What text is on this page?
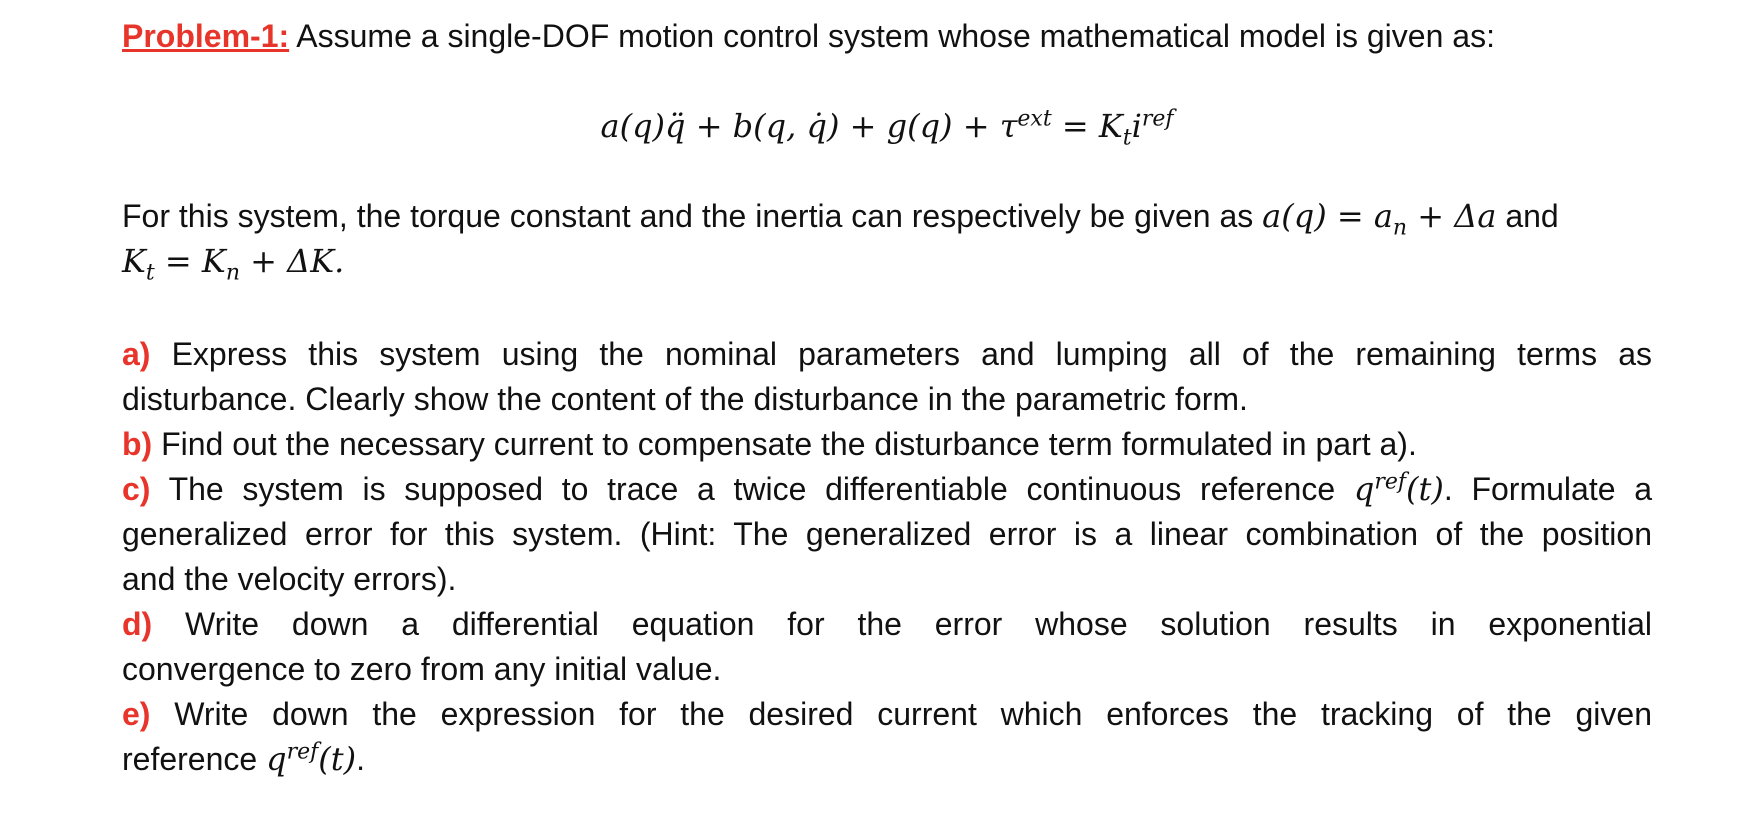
Problem-1: Assume a single-DOF motion control system whose mathematical model is given as:
a(q)q̈ + b(q, q̇) + $g(q) + \tau^{ext} = K_ti^{ref}$
For this system, the torque constant and the inertia can respectively be given as $a(q) = a_n + \Delta a$ and
$K_t = K_n + \Delta K$.
a) Express this system using the nominal parameters and lumping all of the remaining terms as
disturbance. Clearly show the content of the disturbance in the parametric form.
b) Find out the necessary current to compensate the disturbance term formulated in part a).
c) The system is supposed to trace a twice differentiable continuous reference $q^{ref}(t)$. Formulate a
generalized error for this system. (Hint: The generalized error is a linear combination of the position
and the velocity errors).
d) Write down a differential equation for the error whose solution results in exponential
convergence to zero from any initial value.
e) Write down the expression for the desired current which enforces the tracking of the given
reference $q^{ref}(t)$.
